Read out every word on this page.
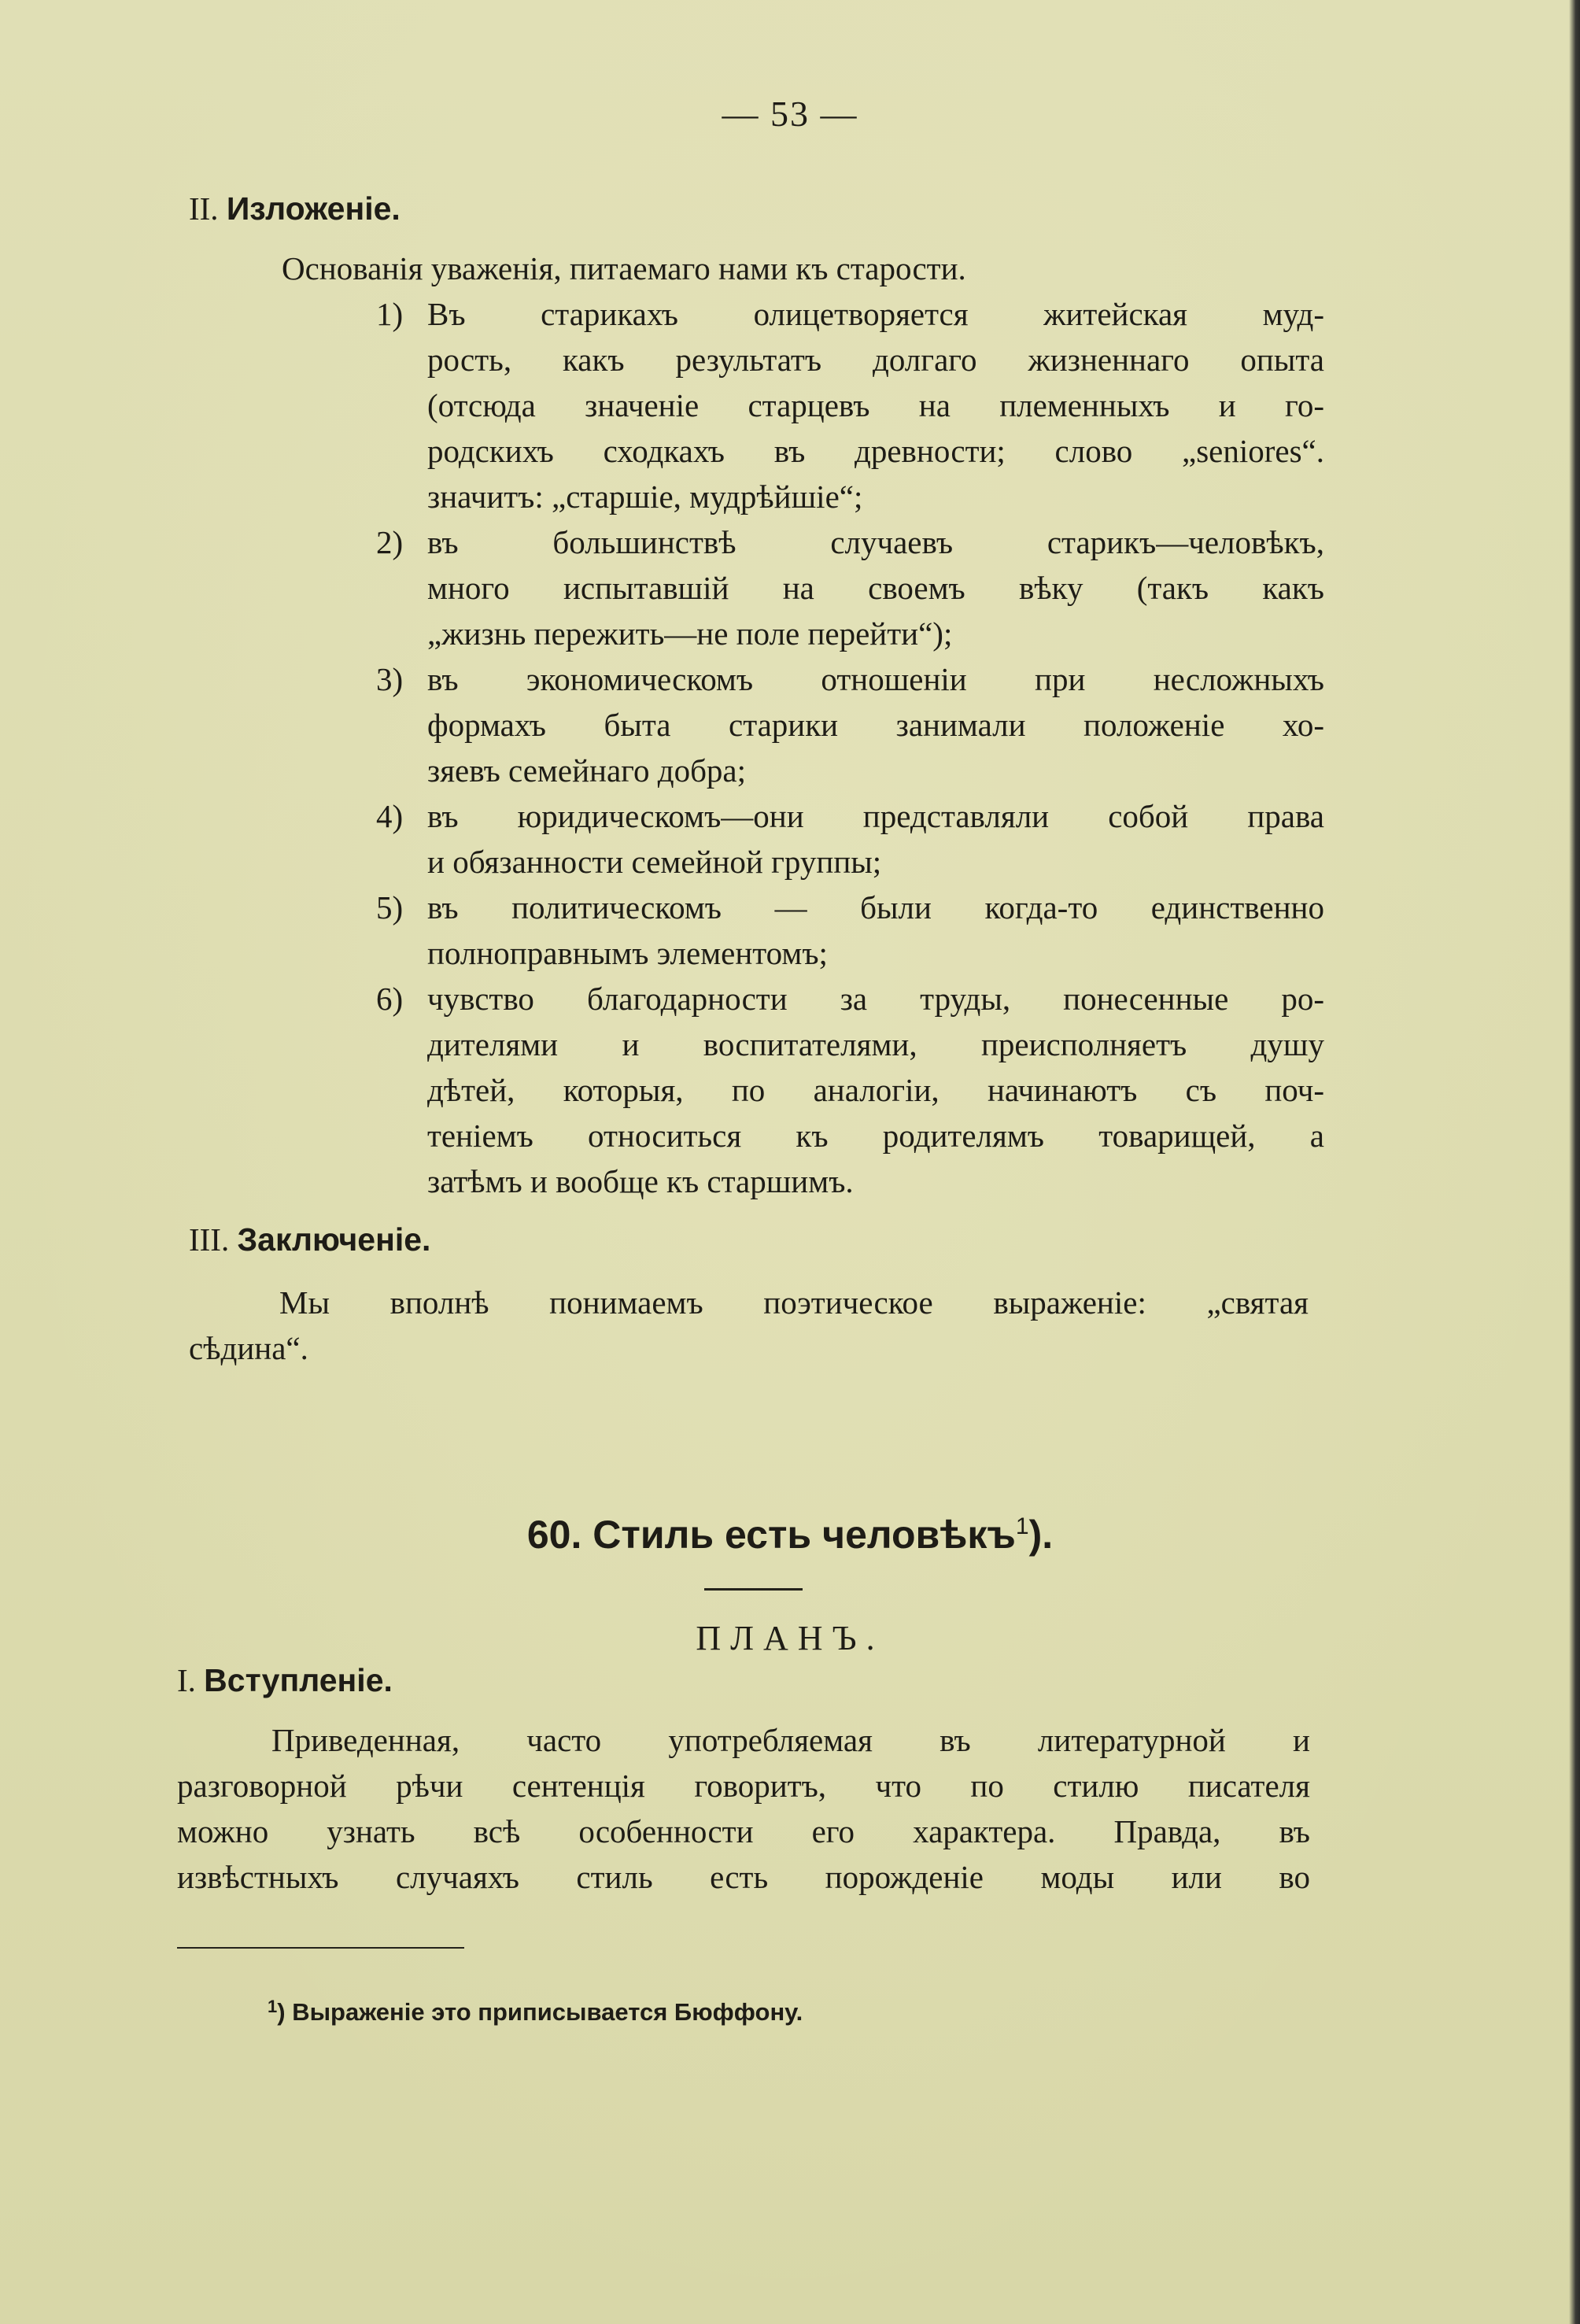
— 53 —
II. Изложеніе.
Основанія уваженія, питаемаго нами къ старости.
1) Въ старикахъ олицетворяется житейская муд-
рость, какъ результатъ долгаго жизненнаго опыта
(отсюда значеніе старцевъ на племенныхъ и го-
родскихъ сходкахъ въ древности; слово „seniores“.
значитъ: „старшіе, мудрѣйшіе“;
2) въ большинствѣ случаевъ старикъ—человѣкъ,
много испытавшій на своемъ вѣку (такъ какъ
„жизнь пережить—не поле перейти“);
3) въ экономическомъ отношеніи при несложныхъ
формахъ быта старики занимали положеніе хо-
зяевъ семейнаго добра;
4) въ юридическомъ—они представляли собой права
и обязанности семейной группы;
5) въ политическомъ — были когда-то единственно
полноправнымъ элементомъ;
6) чувство благодарности за труды, понесенные ро-
дителями и воспитателями, преисполняетъ душу
дѣтей, которыя, по аналогіи, начинаютъ съ поч-
теніемъ относиться къ родителямъ товарищей, а
затѣмъ и вообще къ старшимъ.
III. Заключеніе.
Мы вполнѣ понимаемъ поэтическое выраженіе: „святая
сѣдина“.
60. Стиль есть человѣкъ$^1$).
ПЛАНЪ.
I. Вступленіе.
Приведенная, часто употребляемая въ литературной и
разговорной рѣчи сентенція говоритъ, что по стилю писателя
можно узнать всѣ особенности его характера. Правда, въ
извѣстныхъ случаяхъ стиль есть порожденіе моды или во
$^1$) Выраженіе это приписывается Бюффону.
